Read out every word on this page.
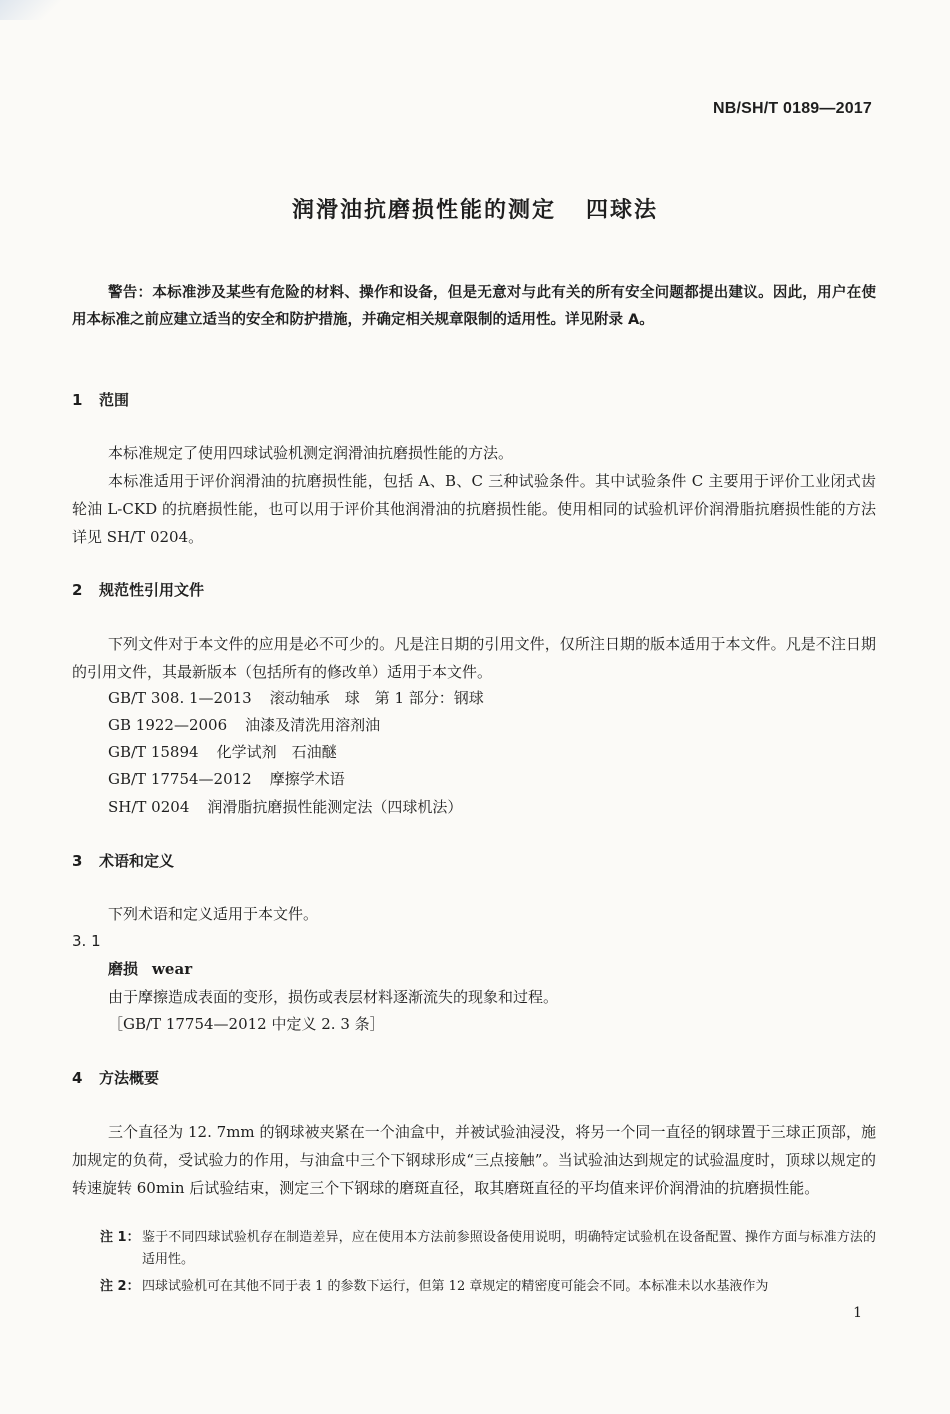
NB/SH/T 0189—2017
润滑油抗磨损性能的测定 四球法
警告：本标准涉及某些有危险的材料、操作和设备，但是无意对与此有关的所有安全问题都提出建议。因此，用户在使用本标准之前应建立适当的安全和防护措施，并确定相关规章限制的适用性。详见附录 A。
1 范围

本标准规定了使用四球试验机测定润滑油抗磨损性能的方法。

本标准适用于评价润滑油的抗磨损性能，包括 A、B、C 三种试验条件。其中试验条件 C 主要用于评价工业闭式齿轮油 L-CKD 的抗磨损性能，也可以用于评价其他润滑油的抗磨损性能。使用相同的试验机评价润滑脂抗磨损性能的方法详见 SH/T 0204。

2 规范性引用文件

下列文件对于本文件的应用是必不可少的。凡是注日期的引用文件，仅所注日期的版本适用于本文件。凡是不注日期的引用文件，其最新版本（包括所有的修改单）适用于本文件。

GB/T 308. 1—2013 滚动轴承　球　第 1 部分：钢球
GB 1922—2006 油漆及清洗用溶剂油
GB/T 15894 化学试剂　石油醚
GB/T 17754—2012 摩擦学术语
SH/T 0204 润滑脂抗磨损性能测定法（四球机法）
3 术语和定义

下列术语和定义适用于本文件。

3. 1
磨损 wear
由于摩擦造成表面的变形，损伤或表层材料逐渐流失的现象和过程。
［GB/T 17754—2012 中定义 2. 3 条］
4 方法概要

三个直径为 12. 7mm 的钢球被夹紧在一个油盒中，并被试验油浸没，将另一个同一直径的钢球置于三球正顶部，施加规定的负荷，受试验力的作用，与油盒中三个下钢球形成“三点接触”。当试验油达到规定的试验温度时，顶球以规定的转速旋转 60min 后试验结束，测定三个下钢球的磨斑直径，取其磨斑直径的平均值来评价润滑油的抗磨损性能。

注 1： 鉴于不同四球试验机存在制造差异，应在使用本方法前参照设备使用说明，明确特定试验机在设备配置、操作方面与标准方法的适用性。
注 2： 四球试验机可在其他不同于表 1 的参数下运行，但第 12 章规定的精密度可能会不同。本标准未以水基液作为
1
